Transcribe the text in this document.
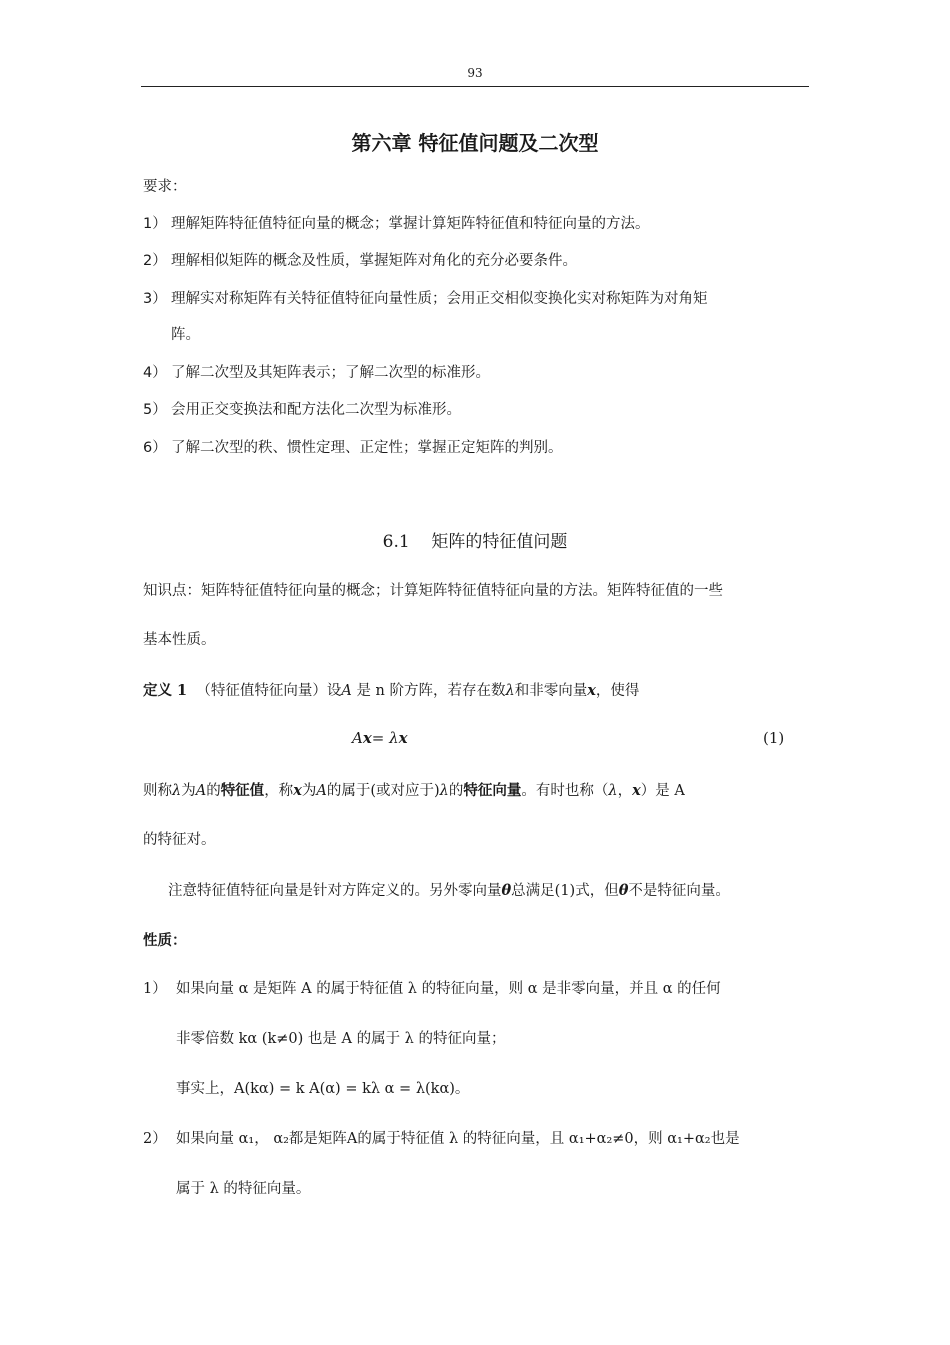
93
第六章 特征值问题及二次型
要求：
1） 理解矩阵特征值特征向量的概念；掌握计算矩阵特征值和特征向量的方法。
2） 理解相似矩阵的概念及性质，掌握矩阵对角化的充分必要条件。
3） 理解实对称矩阵有关特征值特征向量性质；会用正交相似变换化实对称矩阵为对角矩
阵。
4） 了解二次型及其矩阵表示；了解二次型的标准形。
5） 会用正交变换法和配方法化二次型为标准形。
6） 了解二次型的秩、惯性定理、正定性；掌握正定矩阵的判别。
6.1 矩阵的特征值问题
知识点：矩阵特征值特征向量的概念；计算矩阵特征值特征向量的方法。矩阵特征值的一些
基本性质。
定义 1 （特征值特征向量）设A 是 n 阶方阵，若存在数λ和非零向量x，使得
Ax= λx	(1)
则称λ为A的特征值，称x为A的属于(或对应于)λ的特征向量。有时也称（λ，x）是 A
的特征对。
注意特征值特征向量是针对方阵定义的。另外零向量θ总满足(1)式，但θ不是特征向量。
性质：
1） 如果向量 α 是矩阵 A 的属于特征值 λ 的特征向量，则 α 是非零向量，并且 α 的任何
非零倍数 kα (k≠0) 也是 A 的属于 λ 的特征向量；
事实上，A(kα) = k A(α) = kλ α = λ(kα)。
2） 如果向量 α₁， α₂都是矩阵A的属于特征值 λ 的特征向量，且 α₁+α₂≠0，则 α₁+α₂也是
属于 λ 的特征向量。
